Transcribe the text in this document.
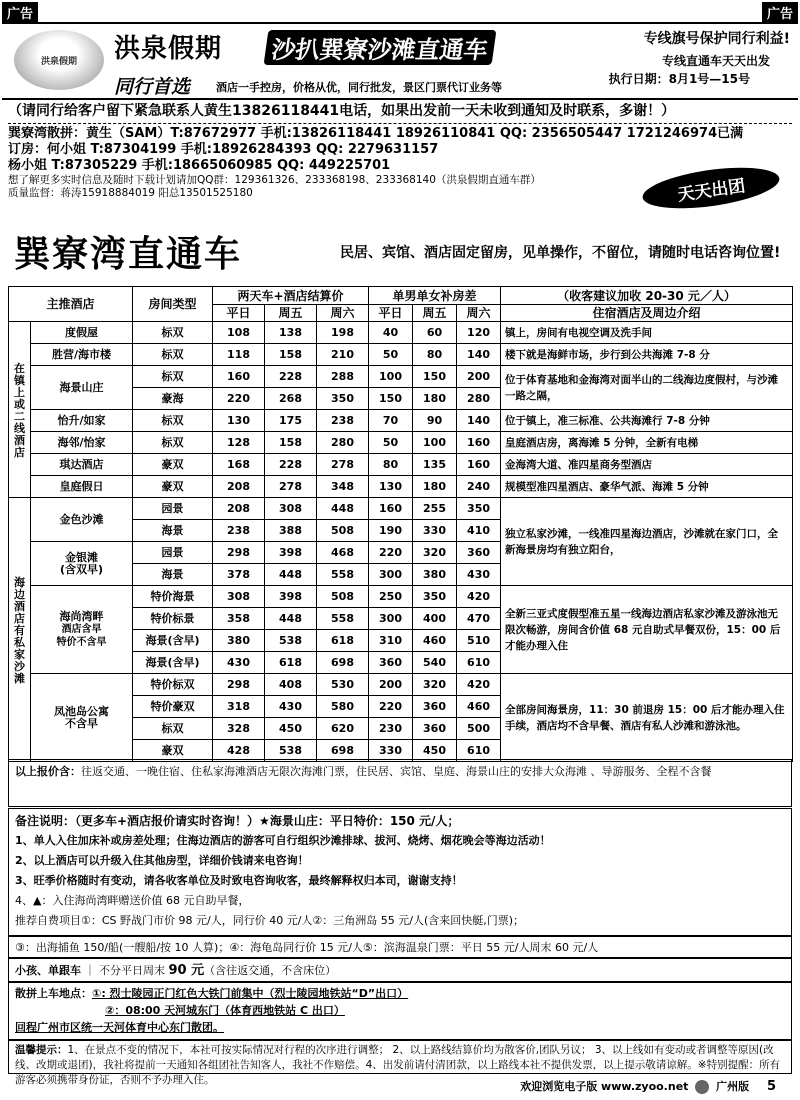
广告	广告
洪泉假期 洪泉假期 沙扒巽寮沙滩直通车	专线旗号保护同行利益!
专线直通车天天出发
执行日期：8月1号—15号
同行首选 酒店一手控房，价格从优，同行批发，景区门票代订业务等
（请同行给客户留下紧急联系人黄生13826118441电话，如果出发前一天未收到通知及时联系，多谢！）
巽寮湾散拼：黄生（SAM）T:87672977 手机:13826118441 18926110841 QQ: 2356505447 1721246974已满
订房：何小姐 T:87304199 手机:18926284393 QQ: 2279631157
杨小姐 T:87305229 手机:18665060985 QQ: 449225701
想了解更多实时信息及随时下载计划请加QQ群：129361326、233368198、233368140（洪泉假期直通车群）
质量监督：蒋涛15918884019 阳总13501525180	天天出团
巽寮湾直通车	民居、宾馆、酒店固定留房，见单操作，不留位，请随时电话咨询位置!
主推酒店		房间类型	两天车+酒店结算价			单男单女补房差			（收客建议加收 20-30 元／人）
			平日	周五	周六	平日	周五	周六	住宿酒店及周边介绍
在镇上或二线酒店	度假屋	标双	108	138	198	40	60	120	镇上，房间有电视空调及洗手间
	胜营/海市楼	标双	118	158	210	50	80	140	楼下就是海鲜市场，步行到公共海滩 7-8 分
	海景山庄	标双	160	228	288	100	150	200	位于体育基地和金海湾对面半山的二线海边度假村，与沙滩一路之隔，
		豪海	220	268	350	150	180	280	
	怡升/如家	标双	130	175	238	70	90	140	位于镇上，准三标准、公共海滩行 7-8 分钟
	海邻/怡家	标双	128	158	280	50	100	160	皇庭酒店房，离海滩 5 分钟，全新有电梯
	琪达酒店	豪双	168	228	278	80	135	160	金海湾大道、准四星商务型酒店
	皇庭假日	豪双	208	278	348	130	180	240	规模型准四星酒店、豪华气派、海滩 5 分钟
海边酒店有私家沙滩	金色沙滩	园景	208	308	448	160	255	350	独立私家沙滩，一线准四星海边酒店，沙滩就在家门口，全新海景房均有独立阳台，
		海景	238	388	508	190	330	410	
	金银滩
(含双早)	园景	298	398	468	220	320	360	
		海景	378	448	558	300	380	430	
	海尚湾畔
酒店含早
特价不含早	特价海景	308	398	508	250	350	420	全新三亚式度假型准五星一线海边酒店私家沙滩及游泳池无限次畅游，房间含价值 68 元自助式早餐双份，15：00 后才能办理入住
		特价标景	358	448	558	300	400	470	
		海景(含早)	380	538	618	310	460	510	
		海景(含早)	430	618	698	360	540	610	
	凤池岛公寓
不含早	特价标双	298	408	530	200	320	420	全部房间海景房，11：30 前退房 15：00 后才能办理入住手续，酒店均不含早餐、酒店有私人沙滩和游泳池。
		特价豪双	318	430	580	220	360	460	
		标双	328	450	620	230	360	500	
		豪双	428	538	698	330	450	610	
以上报价含：往返交通、一晚住宿、住私家海滩酒店无限次海滩门票，住民居、宾馆、皇庭、海景山庄的安排大众海滩 、导游服务、全程不含餐
备注说明：（更多车+酒店报价请实时咨询！）★海景山庄：平日特价：150 元/人；
1、单人入住加床补或房差处理；住海边酒店的游客可自行组织沙滩排球、拔河、烧烤、烟花晚会等海边活动！
2、以上酒店可以升级入住其他房型，详细价钱请来电咨询！
3、旺季价格随时有变动，请各收客单位及时致电咨询收客，最终解释权归本司，谢谢支持！
4、▲：入住海尚湾畔赠送价值 68 元自助早餐，
推荐自费项目①：CS 野战门市价 98 元/人，同行价 40 元/人②：三角洲岛 55 元/人(含来回快艇,门票)；
③：出海捕鱼 150/船(一艘船/按 10 人算)；④：海龟岛同行价 15 元/人⑤：滨海温泉门票：平日 55 元/人周末 60 元/人
小孩、单跟车 ｜ 不分平日周末 90 元（含往返交通，不含床位）
散拼上车地点：①: 烈士陵园正门红色大铁门前集中（烈士陵园地铁站“D”出口）
②：08:00 天河城东门（体育西地铁站 C 出口）
回程广州市区统一天河体育中心东门散团。
温馨提示：1、在景点不变的情况下，本社可按实际情况对行程的次序进行调整； 2、以上路线结算价均为散客价,团队另议； 3、以上线如有变动或者调整等原因(改线、改期或退团)，我社将提前一天通知各组团社告知客人，我社不作赔偿。4、出发前请付清团款，以上路线本社不提供发票，以上提示敬请谅解。※特别提醒：所有游客必须携带身份证，否则不予办理入住。	欢迎浏览电子版 www.zyoo.net	广州版 5
